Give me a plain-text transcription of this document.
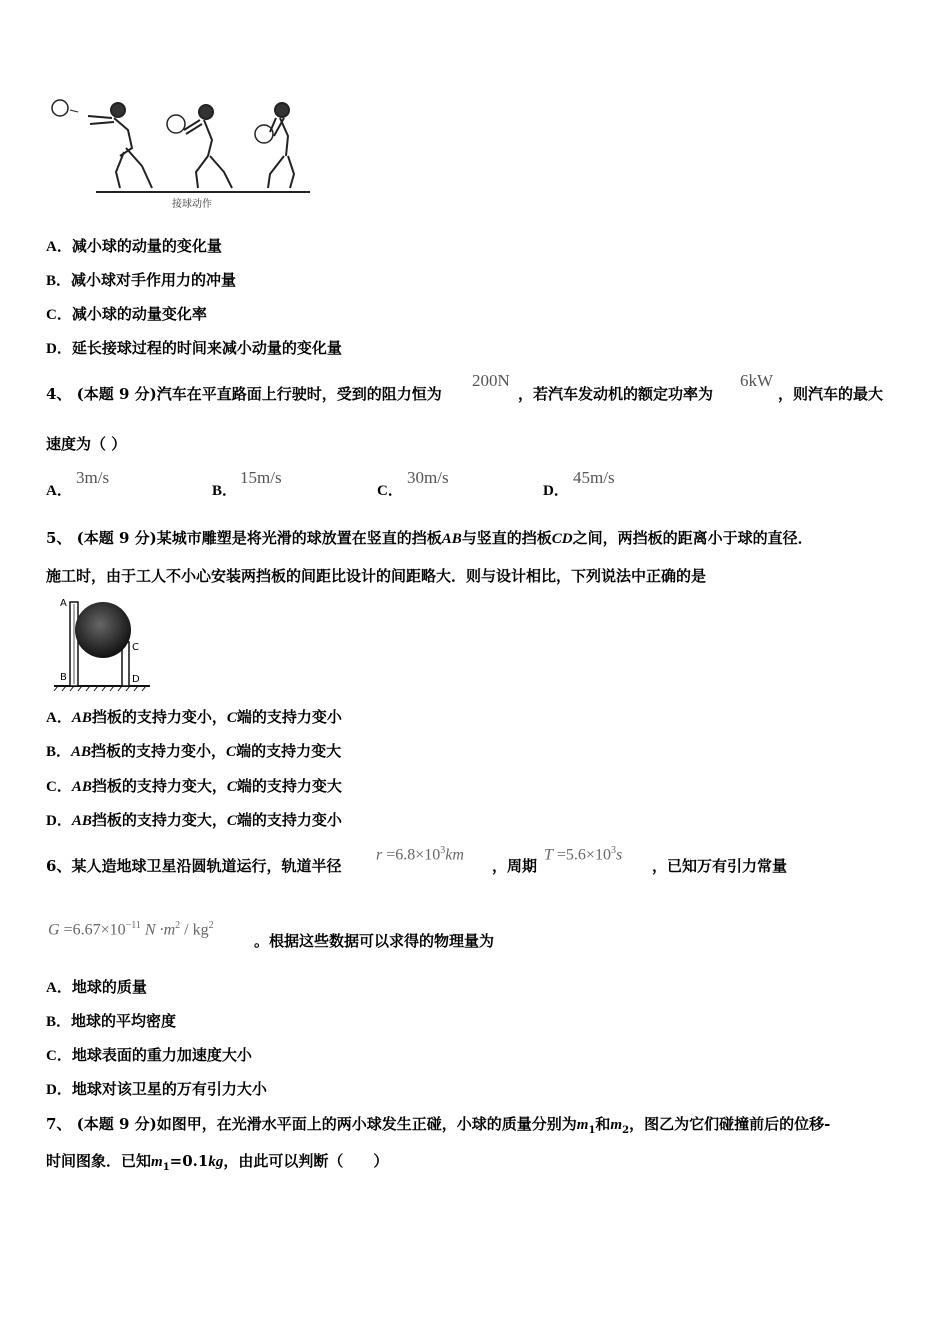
接球动作
A．减小球的动量的变化量
B．减小球对手作用力的冲量
C．减小球的动量变化率
D．延长接球过程的时间来减小动量的变化量
4、 (本题 9 分)汽车在平直路面上行驶时，受到的阻力恒为
200N
，若汽车发动机的额定功率为
6kW
，则汽车的最大
速度为（ ）
A．
3m/s
B．
15m/s
C．
30m/s
D．
45m/s
5、 (本题 9 分)某城市雕塑是将光滑的球放置在竖直的挡板AB与竖直的挡板CD之间，两挡板的距离小于球的直径．
施工时，由于工人不小心安装两挡板的间距比设计的间距略大．则与设计相比，下列说法中正确的是
A
B
C
D
A．AB挡板的支持力变小，C端的支持力变小
B．AB挡板的支持力变小，C端的支持力变大
C．AB挡板的支持力变大，C端的支持力变大
D．AB挡板的支持力变大，C端的支持力变小
6、某人造地球卫星沿圆轨道运行，轨道半径
$r =6.8\times 10^3km$
，周期
$T =5.6\times 10^3s$
，已知万有引力常量
$G =6.67\times 10^{-11}$ $N \cdot m^2 / kg^2$
。根据这些数据可以求得的物理量为
A．地球的质量
B．地球的平均密度
C．地球表面的重力加速度大小
D．地球对该卫星的万有引力大小
7、 (本题 9 分)如图甲，在光滑水平面上的两小球发生正碰，小球的质量分别为$m_1$和$m_2$，图乙为它们碰撞前后的位移-
时间图象．已知$m_1=0.1kg$，由此可以判断（　　）
